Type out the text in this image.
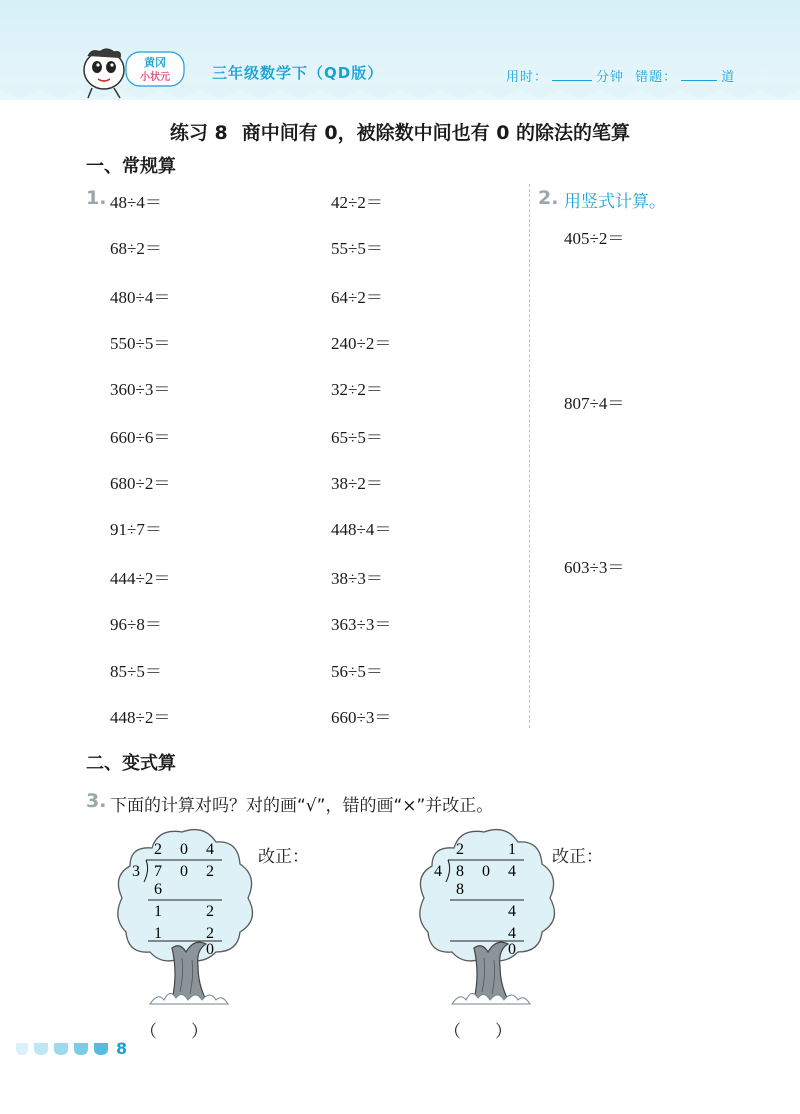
黄冈
小状元	三年级数学下（QD版）	用时：	分钟 错题：	道
练习 8 商中间有 0，被除数中间也有 0 的除法的笔算
一、常规算
1. 48÷4＝
68÷2＝
480÷4＝
550÷5＝
360÷3＝
660÷6＝
680÷2＝
91÷7＝
444÷2＝
96÷8＝
85÷5＝
448÷2＝
42÷2＝
55÷5＝
64÷2＝
240÷2＝
32÷2＝
65÷5＝
38÷2＝
448÷4＝
38÷3＝
363÷3＝
56÷5＝
660÷3＝
2. 用竖式计算。
405÷2＝
807÷4＝
603÷3＝
二、变式算
3. 下面的计算对吗？对的画“√”，错的画“×”并改正。
2 0 4
3 7 0 2
6
1	2
1	2
0
改正：
（　　）
2	1
4 8 0 4
8
4
4
0
改正：
（　　）
8
